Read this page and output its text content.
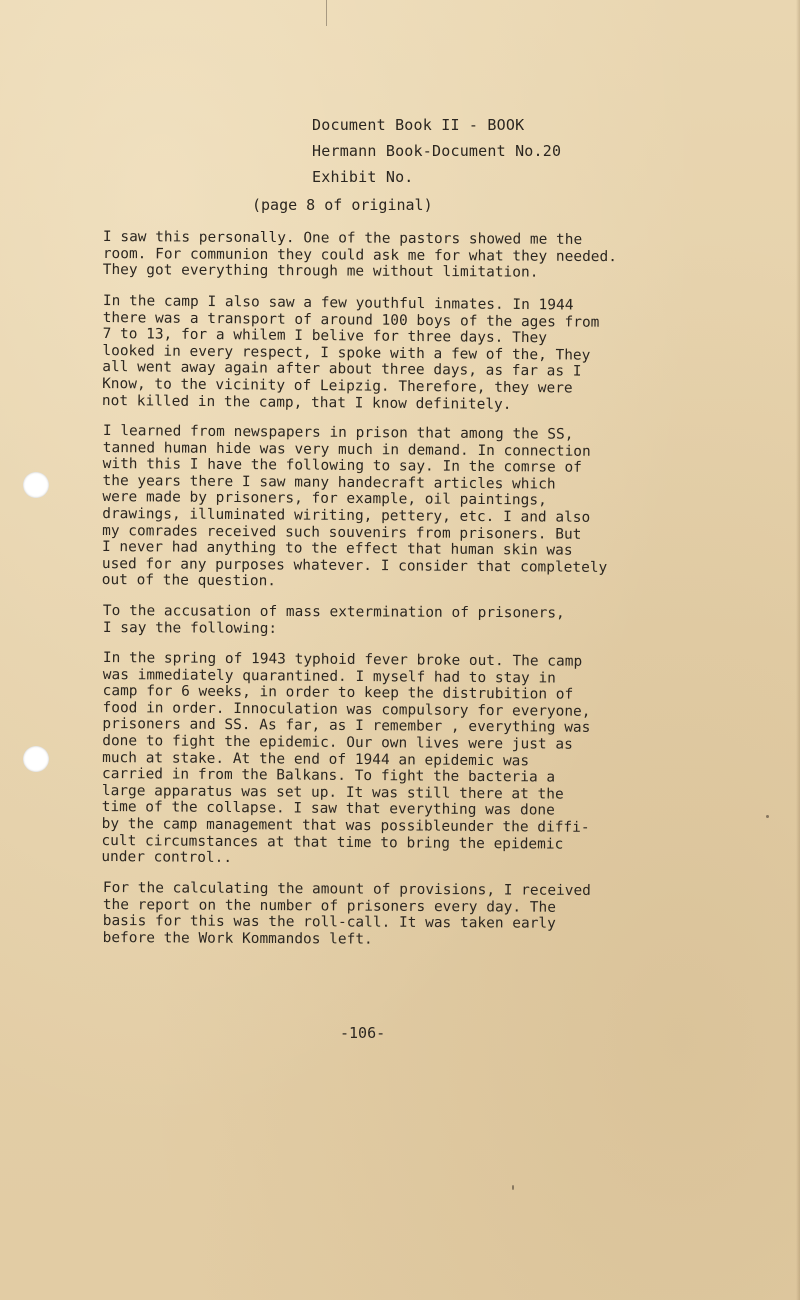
Document Book II - BOOK
Hermann Book-Document No.20
Exhibit No.
(page 8 of original)
I saw this personally. One of the pastors showed me the
room. For communion they could ask me for what they needed.
They got everything through me without limitation.
In the camp I also saw a few youthful inmates. In 1944
there was a transport of around 100 boys of the ages from
7 to 13, for a whilem I belive for three days. They
looked in every respect, I spoke with a few of the, They
all went away again after about three days, as far as I
Know, to the vicinity of Leipzig. Therefore, they were
not killed in the camp, that I know definitely.
I learned from newspapers in prison that among the SS,
tanned human hide was very much in demand. In connection
with this I have the following to say. In the comrse of
the years there I saw many handecraft articles which
were made by prisoners, for example, oil paintings,
drawings, illuminated wiriting, pettery, etc. I and also
my comrades received such souvenirs from prisoners. But
I never had anything to the effect that human skin was
used for any purposes whatever. I consider that completely
out of the question.
To the accusation of mass extermination of prisoners,
I say the following:
In the spring of 1943 typhoid fever broke out. The camp
was immediately quarantined. I myself had to stay in
camp for 6 weeks, in order to keep the distrubition of
food in order. Innoculation was compulsory for everyone,
prisoners and SS. As far, as I remember , everything was
done to fight the epidemic. Our own lives were just as
much at stake. At the end of 1944 an epidemic was
carried in from the Balkans. To fight the bacteria a
large apparatus was set up. It was still there at the
time of the collapse. I saw that everything was done
by the camp management that was possibleunder the diffi-
cult circumstances at that time to bring the epidemic
under control..
For the calculating the amount of provisions, I received
the report on the number of prisoners every day. The
basis for this was the roll-call. It was taken early
before the Work Kommandos left.
-106-
